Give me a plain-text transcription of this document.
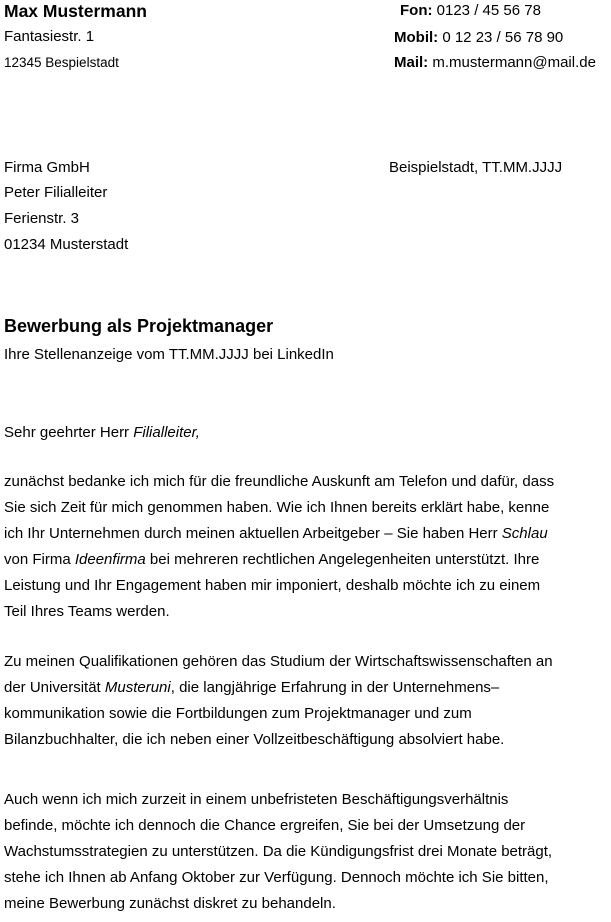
Max Mustermann
Fantasiestr. 1
12345 Bespielstadt
Fon: 0123 / 45 56 78
Mobil: 0 12 23 / 56 78 90
Mail: m.mustermann@mail.de
Firma GmbH
Peter Filialleiter
Ferienstr. 3
01234 Musterstadt
Beispielstadt, TT.MM.JJJJ
Bewerbung als Projektmanager
Ihre Stellenanzeige vom TT.MM.JJJJ bei LinkedIn
Sehr geehrter Herr Filialleiter,

zunächst bedanke ich mich für die freundliche Auskunft am Telefon und dafür, dass
Sie sich Zeit für mich genommen haben. Wie ich Ihnen bereits erklärt habe, kenne
ich Ihr Unternehmen durch meinen aktuellen Arbeitgeber – Sie haben Herr Schlau
von Firma Ideenfirma bei mehreren rechtlichen Angelegenheiten unterstützt. Ihre
Leistung und Ihr Engagement haben mir imponiert, deshalb möchte ich zu einem
Teil Ihres Teams werden.

Zu meinen Qualifikationen gehören das Studium der Wirtschaftswissenschaften an
der Universität Musteruni, die langjährige Erfahrung in der Unternehmens–
kommunikation sowie die Fortbildungen zum Projektmanager und zum
Bilanzbuchhalter, die ich neben einer Vollzeitbeschäftigung absolviert habe.

Auch wenn ich mich zurzeit in einem unbefristeten Beschäftigungsverhältnis
befinde, möchte ich dennoch die Chance ergreifen, Sie bei der Umsetzung der
Wachstumsstrategien zu unterstützen. Da die Kündigungsfrist drei Monate beträgt,
stehe ich Ihnen ab Anfang Oktober zur Verfügung. Dennoch möchte ich Sie bitten,
meine Bewerbung zunächst diskret zu behandeln.
